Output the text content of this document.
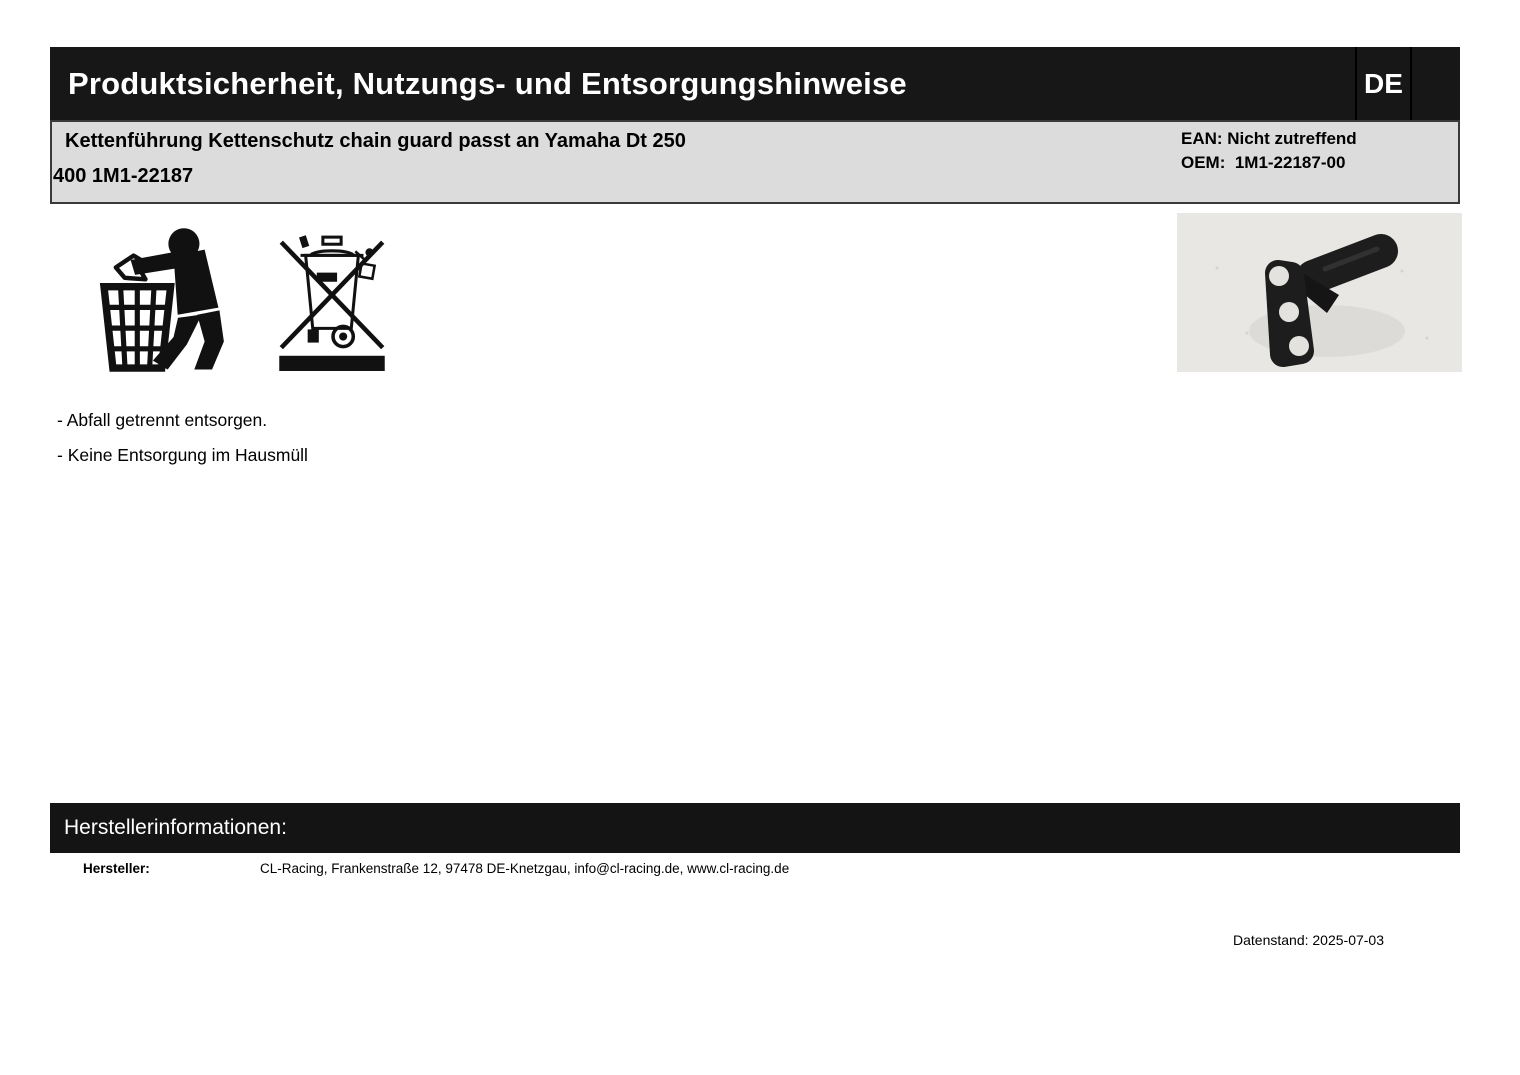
Produktsicherheit, Nutzungs- und Entsorgungshinweise	DE
Kettenführung Kettenschutz chain guard passt an Yamaha Dt 250
400 1M1-22187
EAN: Nicht zutreffend
OEM:  1M1-22187-00
- Abfall getrennt entsorgen.
- Keine Entsorgung im Hausmüll
Herstellerinformationen:
Hersteller:	CL-Racing, Frankenstraße 12, 97478 DE-Knetzgau, info@cl-racing.de, www.cl-racing.de
Datenstand: 2025-07-03
